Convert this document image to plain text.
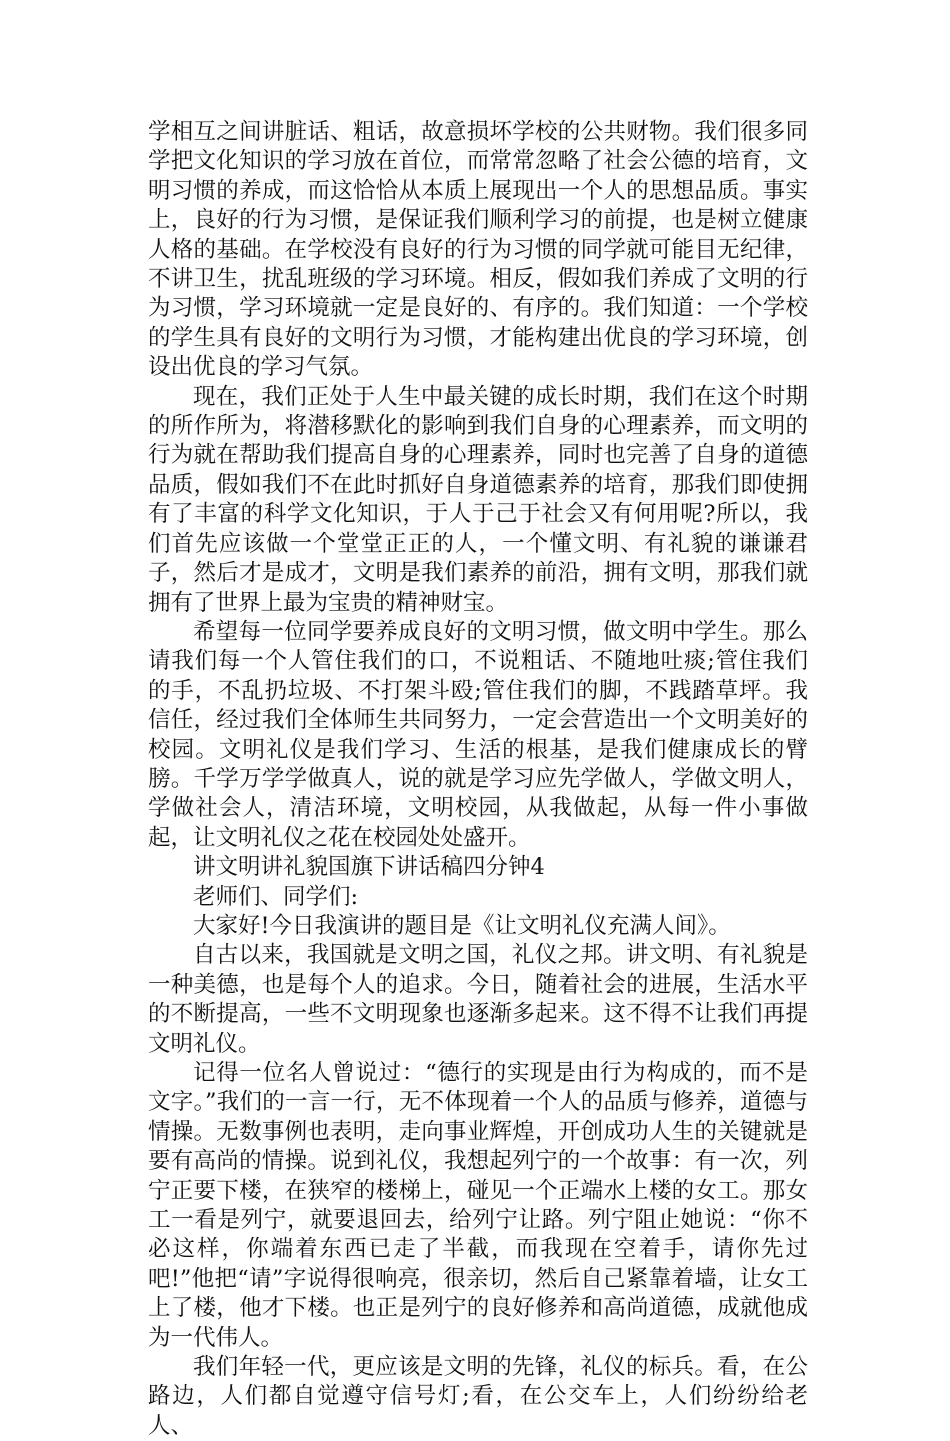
学相互之间讲脏话、粗话，故意损坏学校的公共财物。我们很多同学把文化知识的学习放在首位，而常常忽略了社会公德的培育，文明习惯的养成，而这恰恰从本质上展现出一个人的思想品质。事实上，良好的行为习惯，是保证我们顺利学习的前提，也是树立健康人格的基础。在学校没有良好的行为习惯的同学就可能目无纪律，不讲卫生，扰乱班级的学习环境。相反，假如我们养成了文明的行为习惯，学习环境就一定是良好的、有序的。我们知道：一个学校的学生具有良好的文明行为习惯，才能构建出优良的学习环境，创设出优良的学习气氛。

现在，我们正处于人生中最关键的成长时期，我们在这个时期的所作所为，将潜移默化的影响到我们自身的心理素养，而文明的行为就在帮助我们提高自身的心理素养，同时也完善了自身的道德品质，假如我们不在此时抓好自身道德素养的培育，那我们即使拥有了丰富的科学文化知识，于人于己于社会又有何用呢?所以，我们首先应该做一个堂堂正正的人，一个懂文明、有礼貌的谦谦君子，然后才是成才，文明是我们素养的前沿，拥有文明，那我们就拥有了世界上最为宝贵的精神财宝。

希望每一位同学要养成良好的文明习惯，做文明中学生。那么请我们每一个人管住我们的口，不说粗话、不随地吐痰;管住我们的手，不乱扔垃圾、不打架斗殴;管住我们的脚，不践踏草坪。我信任，经过我们全体师生共同努力，一定会营造出一个文明美好的校园。文明礼仪是我们学习、生活的根基，是我们健康成长的臂膀。千学万学学做真人，说的就是学习应先学做人，学做文明人，学做社会人，清洁环境，文明校园，从我做起，从每一件小事做起，让文明礼仪之花在校园处处盛开。

讲文明讲礼貌国旗下讲话稿四分钟4

老师们、同学们:

大家好!今日我演讲的题目是《让文明礼仪充满人间》。

自古以来，我国就是文明之国，礼仪之邦。讲文明、有礼貌是一种美德，也是每个人的追求。今日，随着社会的进展，生活水平的不断提高，一些不文明现象也逐渐多起来。这不得不让我们再提文明礼仪。

记得一位名人曾说过：“德行的实现是由行为构成的，而不是文字。”我们的一言一行，无不体现着一个人的品质与修养，道德与情操。无数事例也表明，走向事业辉煌，开创成功人生的关键就是要有高尚的情操。说到礼仪，我想起列宁的一个故事：有一次，列宁正要下楼，在狭窄的楼梯上，碰见一个正端水上楼的女工。那女工一看是列宁，就要退回去，给列宁让路。列宁阻止她说：“你不必这样，你端着东西已走了半截，而我现在空着手，请你先过吧!”他把“请”字说得很响亮，很亲切，然后自己紧靠着墙，让女工上了楼，他才下楼。也正是列宁的良好修养和高尚道德，成就他成为一代伟人。

我们年轻一代，更应该是文明的先锋，礼仪的标兵。看，在公路边，人们都自觉遵守信号灯;看，在公交车上，人们纷纷给老人、
